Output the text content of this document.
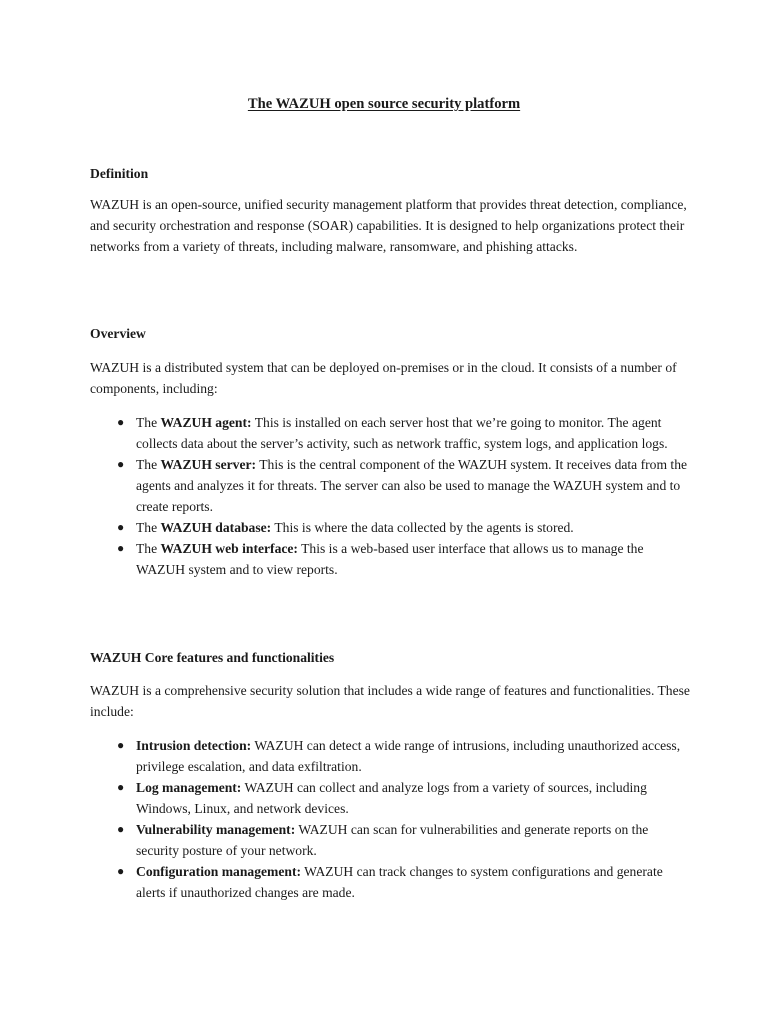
The WAZUH open source security platform
Definition

WAZUH is an open-source, unified security management platform that provides threat detection, compliance, and security orchestration and response (SOAR) capabilities. It is designed to help organizations protect their networks from a variety of threats, including malware, ransomware, and phishing attacks.

Overview

WAZUH is a distributed system that can be deployed on-premises or in the cloud. It consists of a number of components, including:

● The WAZUH agent: This is installed on each server host that we’re going to monitor. The agent collects data about the server’s activity, such as network traffic, system logs, and application logs.
● The WAZUH server: This is the central component of the WAZUH system. It receives data from the agents and analyzes it for threats. The server can also be used to manage the WAZUH system and to create reports.
● The WAZUH database: This is where the data collected by the agents is stored.
● The WAZUH web interface: This is a web-based user interface that allows us to manage the WAZUH system and to view reports.
WAZUH Core features and functionalities

WAZUH is a comprehensive security solution that includes a wide range of features and functionalities. These include:

● Intrusion detection: WAZUH can detect a wide range of intrusions, including unauthorized access, privilege escalation, and data exfiltration.
● Log management: WAZUH can collect and analyze logs from a variety of sources, including Windows, Linux, and network devices.
● Vulnerability management: WAZUH can scan for vulnerabilities and generate reports on the security posture of your network.
● Configuration management: WAZUH can track changes to system configurations and generate alerts if unauthorized changes are made.
